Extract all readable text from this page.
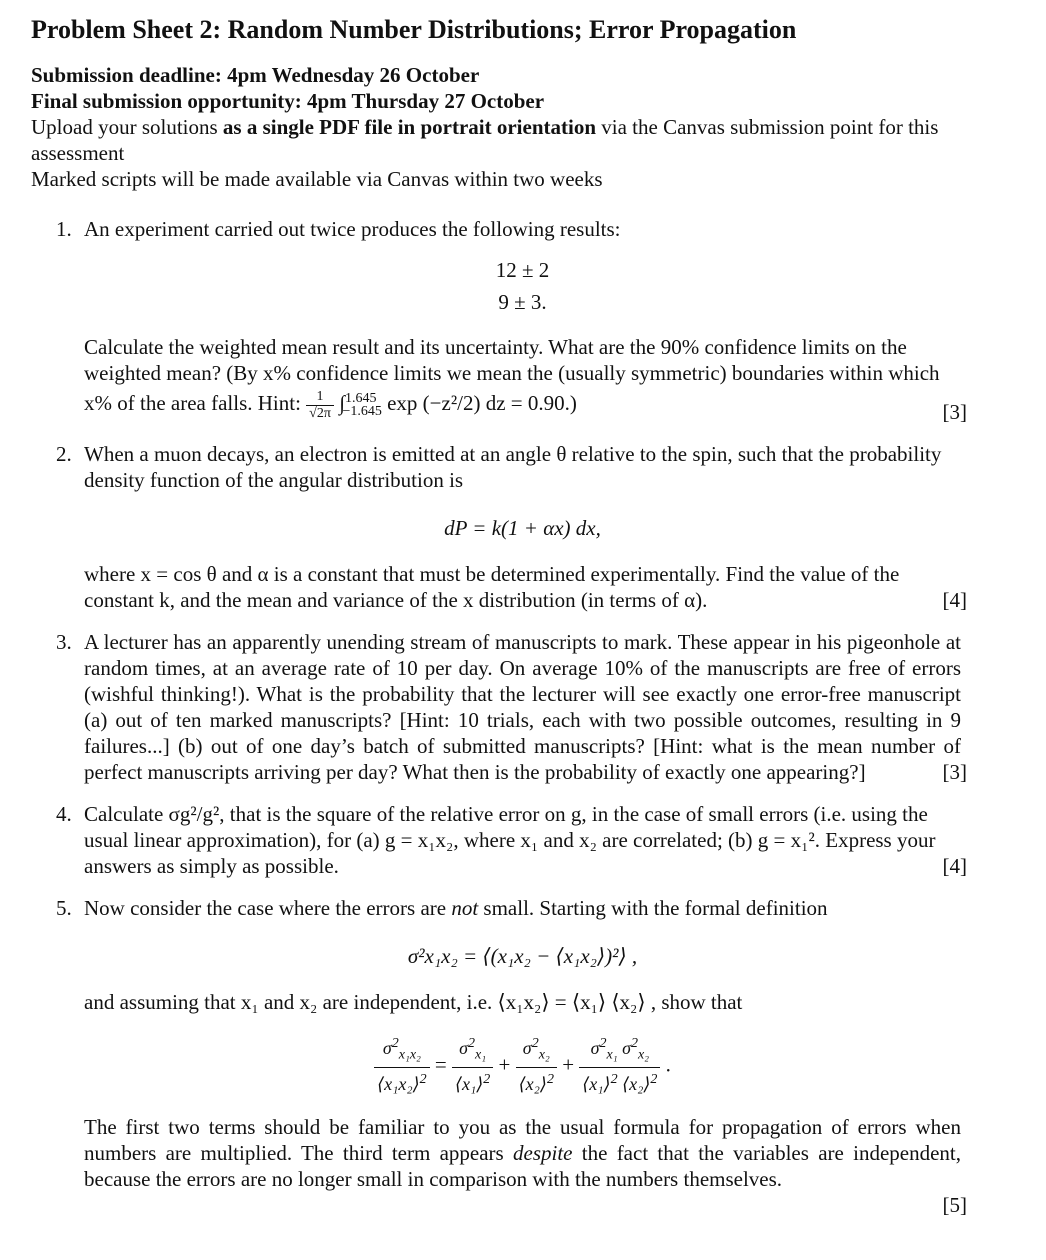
Problem Sheet 2: Random Number Distributions; Error Propagation

Submission deadline: 4pm Wednesday 26 October

Final submission opportunity: 4pm Thursday 27 October

Upload your solutions as a single PDF file in portrait orientation via the Canvas submission point for this assessment

Marked scripts will be made available via Canvas within two weeks

1. An experiment carried out twice produces the following results:

12 ± 2
9 ± 3.

Calculate the weighted mean result and its uncertainty. What are the 90% confidence limits on the weighted mean? (By x% confidence limits we mean the (usually symmetric) boundaries within which x% of the area falls. Hint: $\frac{1}{√2\pi} \int^{1.645}_{-1.645}$ exp (−z²/2) dz = 0.90.)	[3]
2. When a muon decays, an electron is emitted at an angle θ relative to the spin, such that the probability density function of the angular distribution is

dP = k(1 + αx) dx,

where x = cos θ and α is a constant that must be determined experimentally. Find the value of the constant k, and the mean and variance of the x distribution (in terms of α).	[4]
3. A lecturer has an apparently unending stream of manuscripts to mark. These appear in his pigeonhole at random times, at an average rate of 10 per day. On average 10% of the manuscripts are free of errors (wishful thinking!). What is the probability that the lecturer will see exactly one error-free manuscript (a) out of ten marked manuscripts? [Hint: 10 trials, each with two possible outcomes, resulting in 9 failures...] (b) out of one day’s batch of submitted manuscripts? [Hint: what is the mean number of perfect manuscripts arriving per day? What then is the probability of exactly one appearing?]	[3]
4. Calculate σg²/g², that is the square of the relative error on g, in the case of small errors (i.e. using the usual linear approximation), for (a) g = x₁x₂, where x₁ and x₂ are correlated; (b) g = x₁². Express your answers as simply as possible.	[4]
5. Now consider the case where the errors are not small. Starting with the formal definition

σ²x₁x₂ = ⟨(x₁x₂ − ⟨x₁x₂⟩)²⟩ ,

and assuming that x₁ and x₂ are independent, i.e. ⟨x₁x₂⟩ = ⟨x₁⟩ ⟨x₂⟩ , show that

$\frac{\sigma^2_{x_1x_2}}{⟨x_1x_2⟩^2} = \frac{\sigma^2_{x_1}}{⟨x_1⟩^2} + \frac{\sigma^2_{x_2}}{⟨x_2⟩^2} + \frac{\sigma^2_{x_1} \sigma^2_{x_2}}{⟨x_1⟩^2 ⟨x_2⟩^2}$ .

The first two terms should be familiar to you as the usual formula for propagation of errors when numbers are multiplied. The third term appears despite the fact that the variables are independent, because the errors are no longer small in comparison with the numbers themselves.

[5]
